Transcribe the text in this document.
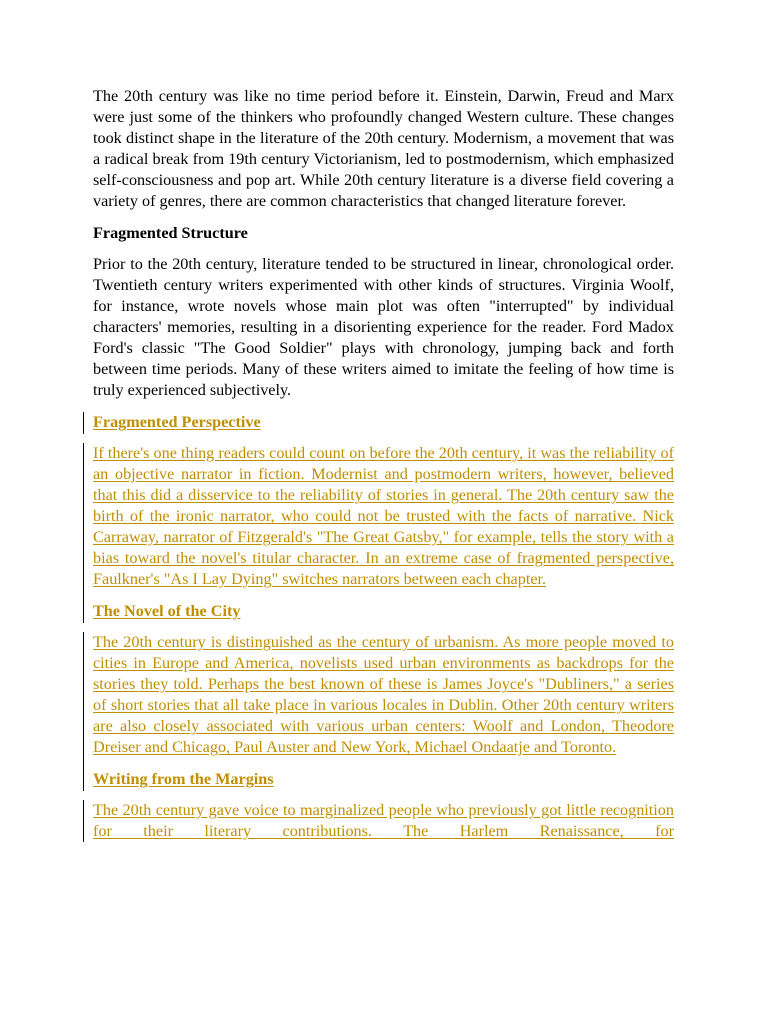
The 20th century was like no time period before it. Einstein, Darwin, Freud and Marx were just some of the thinkers who profoundly changed Western culture. These changes took distinct shape in the literature of the 20th century. Modernism, a movement that was a radical break from 19th century Victorianism, led to postmodernism, which emphasized self-consciousness and pop art. While 20th century literature is a diverse field covering a variety of genres, there are common characteristics that changed literature forever.

Fragmented Structure

Prior to the 20th century, literature tended to be structured in linear, chronological order. Twentieth century writers experimented with other kinds of structures. Virginia Woolf, for instance, wrote novels whose main plot was often "interrupted" by individual characters' memories, resulting in a disorienting experience for the reader. Ford Madox Ford's classic "The Good Soldier" plays with chronology, jumping back and forth between time periods. Many of these writers aimed to imitate the feeling of how time is truly experienced subjectively.

Fragmented Perspective

If there's one thing readers could count on before the 20th century, it was the reliability of an objective narrator in fiction. Modernist and postmodern writers, however, believed that this did a disservice to the reliability of stories in general. The 20th century saw the birth of the ironic narrator, who could not be trusted with the facts of narrative. Nick Carraway, narrator of Fitzgerald's "The Great Gatsby," for example, tells the story with a bias toward the novel's titular character. In an extreme case of fragmented perspective, Faulkner's "As I Lay Dying" switches narrators between each chapter.

The Novel of the City

The 20th century is distinguished as the century of urbanism. As more people moved to cities in Europe and America, novelists used urban environments as backdrops for the stories they told. Perhaps the best known of these is James Joyce's "Dubliners," a series of short stories that all take place in various locales in Dublin. Other 20th century writers are also closely associated with various urban centers: Woolf and London, Theodore Dreiser and Chicago, Paul Auster and New York, Michael Ondaatje and Toronto.

Writing from the Margins

The 20th century gave voice to marginalized people who previously got little recognition for their literary contributions. The Harlem Renaissance, for
